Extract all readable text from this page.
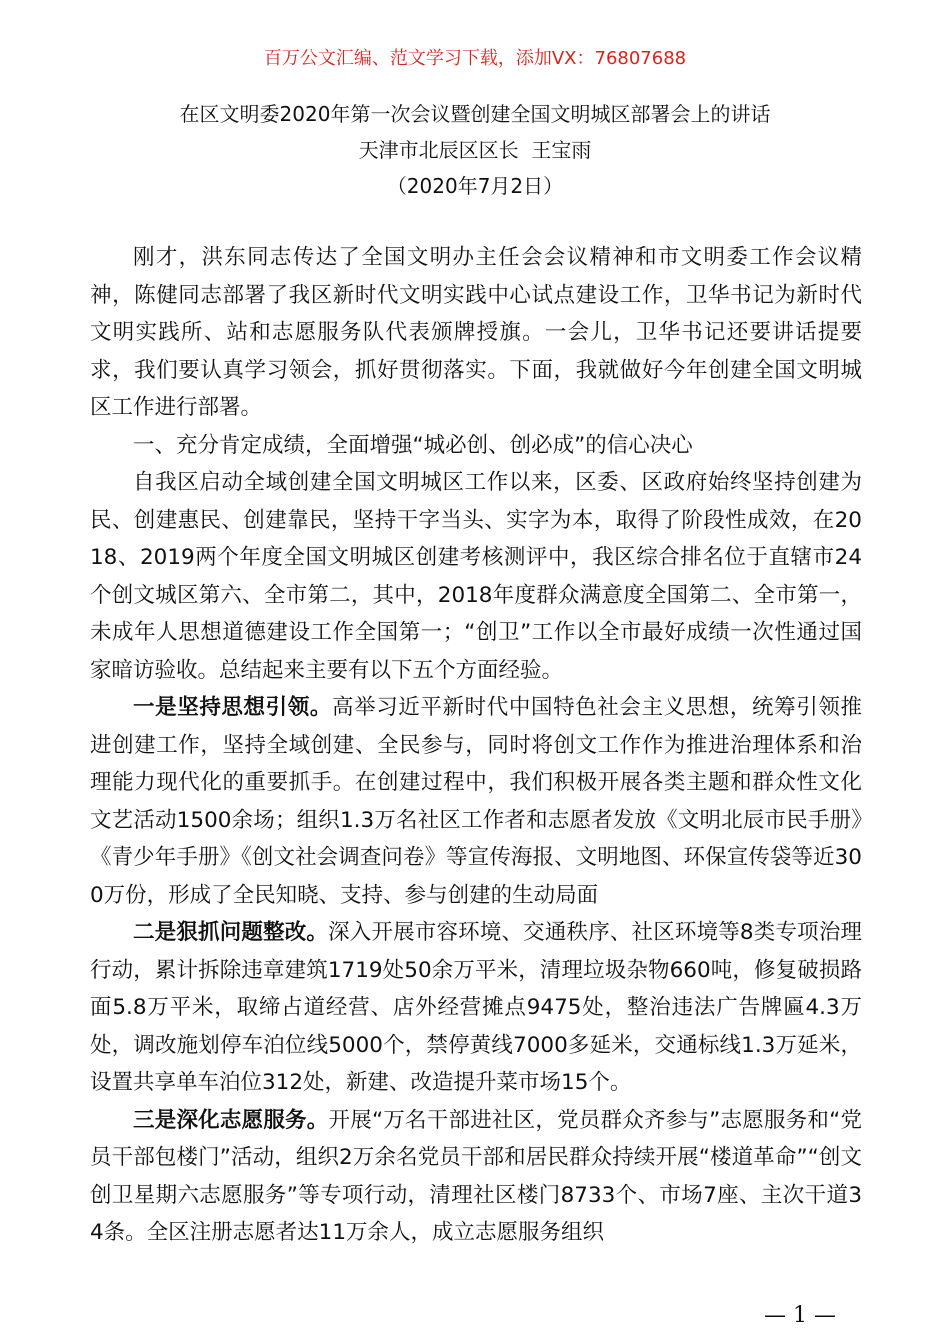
百万公文汇编、范文学习下载，添加VX：76807688
在区文明委2020年第一次会议暨创建全国文明城区部署会上的讲话
天津市北辰区区长  王宝雨
（2020年7月2日）

刚才，洪东同志传达了全国文明办主任会会议精神和市文明委工作会议精神，陈健同志部署了我区新时代文明实践中心试点建设工作，卫华书记为新时代文明实践所、站和志愿服务队代表颁牌授旗。一会儿，卫华书记还要讲话提要求，我们要认真学习领会，抓好贯彻落实。下面，我就做好今年创建全国文明城区工作进行部署。

一、充分肯定成绩，全面增强“城必创、创必成”的信心决心

自我区启动全域创建全国文明城区工作以来，区委、区政府始终坚持创建为民、创建惠民、创建靠民，坚持干字当头、实字为本，取得了阶段性成效，在2018、2019两个年度全国文明城区创建考核测评中，我区综合排名位于直辖市24个创文城区第六、全市第二，其中，2018年度群众满意度全国第二、全市第一，未成年人思想道德建设工作全国第一；“创卫”工作以全市最好成绩一次性通过国家暗访验收。总结起来主要有以下五个方面经验。

一是坚持思想引领。高举习近平新时代中国特色社会主义思想，统筹引领推进创建工作，坚持全域创建、全民参与，同时将创文工作作为推进治理体系和治理能力现代化的重要抓手。在创建过程中，我们积极开展各类主题和群众性文化文艺活动1500余场；组织1.3万名社区工作者和志愿者发放《文明北辰市民手册》《青少年手册》《创文社会调查问卷》等宣传海报、文明地图、环保宣传袋等近300万份，形成了全民知晓、支持、参与创建的生动局面

二是狠抓问题整改。深入开展市容环境、交通秩序、社区环境等8类专项治理行动，累计拆除违章建筑1719处50余万平米，清理垃圾杂物660吨，修复破损路面5.8万平米，取缔占道经营、店外经营摊点9475处，整治违法广告牌匾4.3万处，调改施划停车泊位线5000个，禁停黄线7000多延米，交通标线1.3万延米，设置共享单车泊位312处，新建、改造提升菜市场15个。

三是深化志愿服务。开展“万名干部进社区，党员群众齐参与”志愿服务和“党员干部包楼门”活动，组织2万余名党员干部和居民群众持续开展“楼道革命”“创文创卫星期六志愿服务”等专项行动，清理社区楼门8733个、市场7座、主次干道34条。全区注册志愿者达11万余人，成立志愿服务组织

— 1 —
